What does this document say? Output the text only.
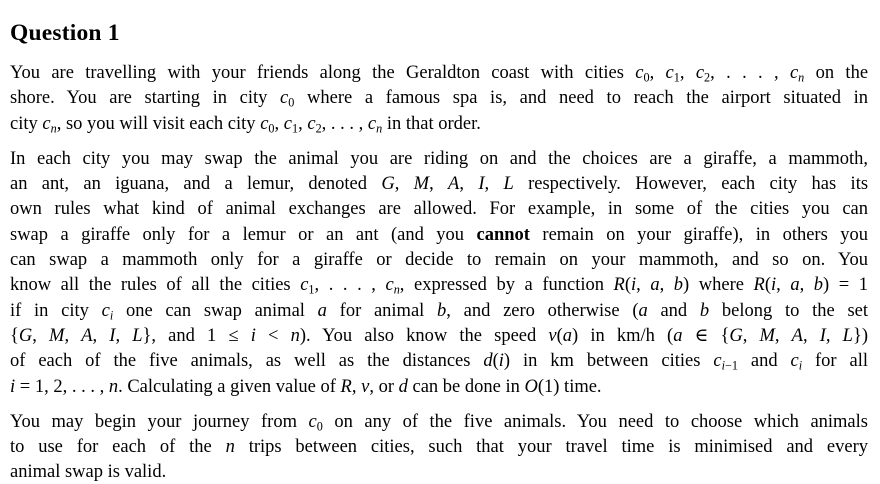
Question 1
You are travelling with your friends along the Geraldton coast with cities $c_0$, $c_1$, $c_2$, . . . , $c_n$ on the
shore. You are starting in city $c_0$ where a famous spa is, and need to reach the airport situated in
city $c_n$, so you will visit each city $c_0$, $c_1$, $c_2$, . . . , $c_n$ in that order.
In each city you may swap the animal you are riding on and the choices are a giraffe, a mammoth,
an ant, an iguana, and a lemur, denoted G, M, A, I, L respectively. However, each city has its
own rules what kind of animal exchanges are allowed. For example, in some of the cities you can
swap a giraffe only for a lemur or an ant (and you cannot remain on your giraffe), in others you
can swap a mammoth only for a giraffe or decide to remain on your mammoth, and so on. You
know all the rules of all the cities $c_1$, . . . , $c_n$, expressed by a function R(i, a, b) where R(i, a, b) = 1
if in city $c_i$ one can swap animal a for animal b, and zero otherwise (a and b belong to the set
{G, M, A, I, L}, and 1 ≤ i < n). You also know the speed v(a) in km/h (a ∈ {G, M, A, I, L})
of each of the five animals, as well as the distances d(i) in km between cities $c_{i-1}$ and $c_i$ for all
i = 1, 2, . . . , n. Calculating a given value of R, v, or d can be done in O(1) time.
You may begin your journey from $c_0$ on any of the five animals. You need to choose which animals
to use for each of the n trips between cities, such that your travel time is minimised and every
animal swap is valid.
